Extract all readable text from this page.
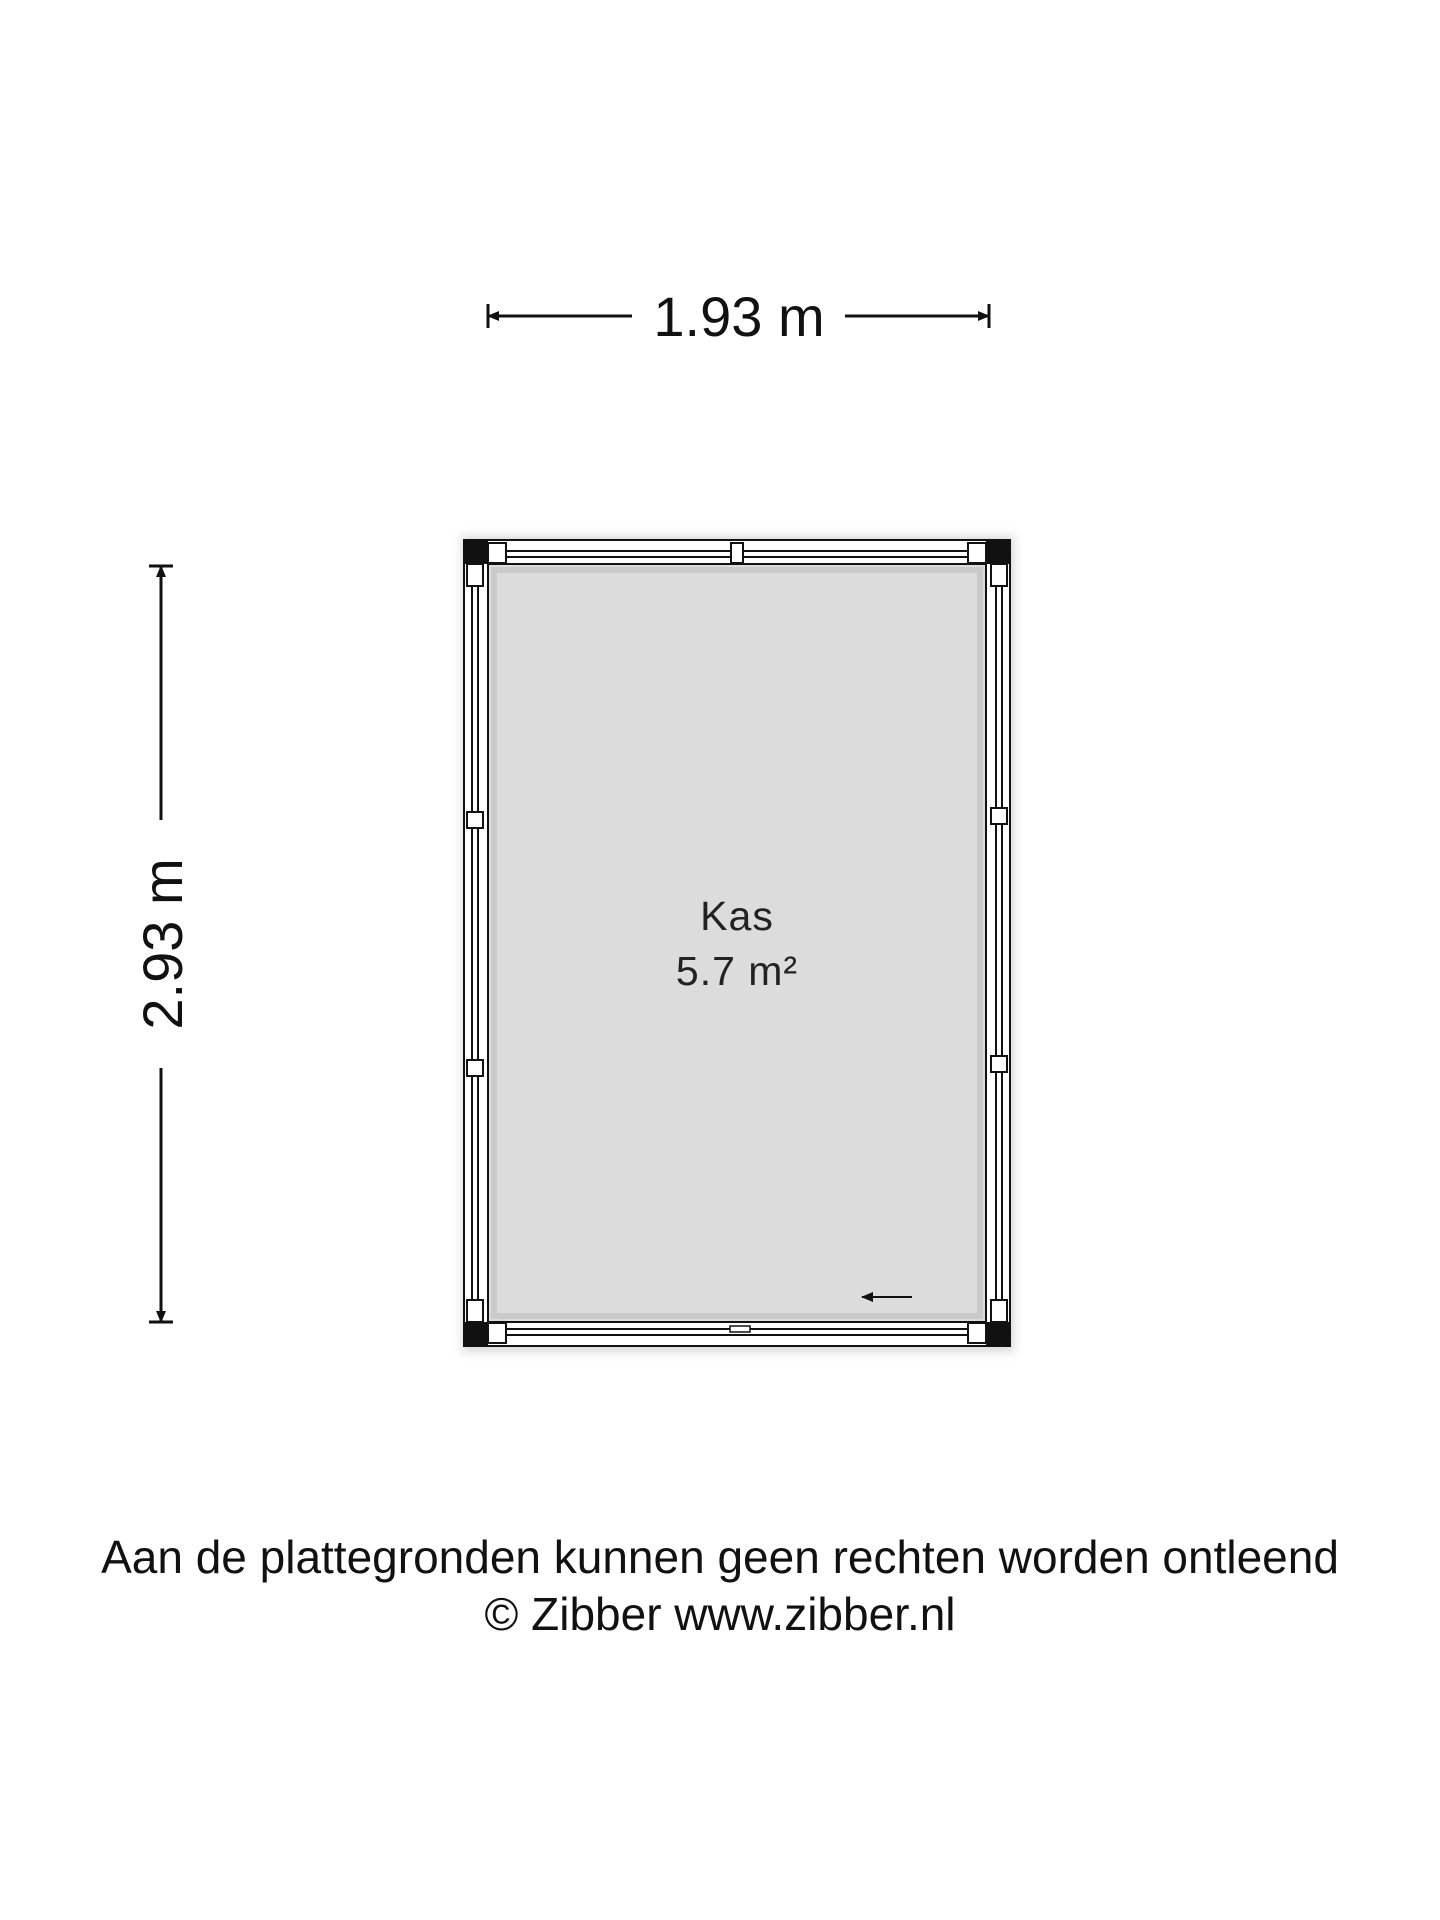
1.93 m
2.93 m	Kas
5.7 m²
Aan de plattegronden kunnen geen rechten worden ontleend
© Zibber www.zibber.nl
